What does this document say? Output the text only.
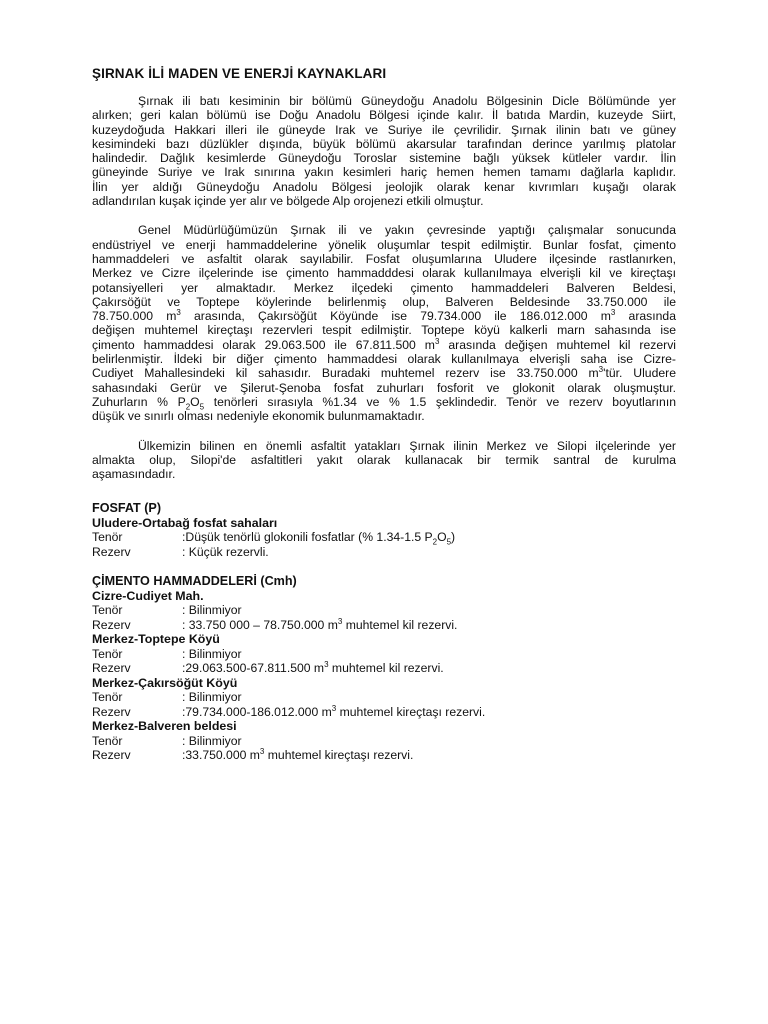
ŞIRNAK İLİ MADEN VE ENERJİ KAYNAKLARI
Şırnak ili batı kesiminin bir bölümü Güneydoğu Anadolu Bölgesinin Dicle Bölümünde yer
alırken; geri kalan bölümü ise Doğu Anadolu Bölgesi içinde kalır. İl batıda Mardin, kuzeyde Siirt,
kuzeydoğuda Hakkari illeri ile güneyde Irak ve Suriye ile çevrilidir. Şırnak ilinin batı ve güney
kesimindeki bazı düzlükler dışında, büyük bölümü akarsular tarafından derince yarılmış platolar
halindedir. Dağlık kesimlerde Güneydoğu Toroslar sistemine bağlı yüksek kütleler vardır. İlin
güneyinde Suriye ve Irak sınırına yakın kesimleri hariç hemen hemen tamamı dağlarla kaplıdır.
İlin yer aldığı Güneydoğu Anadolu Bölgesi jeolojik olarak kenar kıvrımları kuşağı olarak
adlandırılan kuşak içinde yer alır ve bölgede Alp orojenezi etkili olmuştur.
Genel Müdürlüğümüzün Şırnak ili ve yakın çevresinde yaptığı çalışmalar sonucunda
endüstriyel ve enerji hammaddelerine yönelik oluşumlar tespit edilmiştir. Bunlar fosfat, çimento
hammaddeleri ve asfaltit olarak sayılabilir. Fosfat oluşumlarına Uludere ilçesinde rastlanırken,
Merkez ve Cizre ilçelerinde ise çimento hammadddesi olarak kullanılmaya elverişli kil ve kireçtaşı
potansiyelleri yer almaktadır. Merkez ilçedeki çimento hammaddeleri Balveren Beldesi,
Çakırsöğüt ve Toptepe köylerinde belirlenmiş olup, Balveren Beldesinde 33.750.000 ile
78.750.000 $m^3$ arasında, Çakırsöğüt Köyünde ise 79.734.000 ile 186.012.000 $m^3$ arasında
değişen muhtemel kireçtaşı rezervleri tespit edilmiştir. Toptepe köyü kalkerli marn sahasında ise
çimento hammaddesi olarak 29.063.500 ile 67.811.500 $m^3$ arasında değişen muhtemel kil rezervi
belirlenmiştir. İldeki bir diğer çimento hammaddesi olarak kullanılmaya elverişli saha ise Cizre-
Cudiyet Mahallesindeki kil sahasıdır. Buradaki muhtemel rezerv ise 33.750.000 $m^3'tür$. Uludere
sahasındaki Gerür ve Şilerut-Şenoba fosfat zuhurları fosforit ve glokonit olarak oluşmuştur.
Zuhurların % $P_2O_5$ tenörleri sırasıyla %1.34 ve % 1.5 şeklindedir. Tenör ve rezerv boyutlarının
düşük ve sınırlı olması nedeniyle ekonomik bulunmamaktadır.
Ülkemizin bilinen en önemli asfaltit yatakları Şırnak ilinin Merkez ve Silopi ilçelerinde yer
almakta olup, Silopi'de asfaltitleri yakıt olarak kullanacak bir termik santral de kurulma
aşamasındadır.
FOSFAT (P)
Uludere-Ortabağ fosfat sahaları
Tenör	:Düşük tenörlü glokonili fosfatlar (% 1.34-1.5 $P_2O_5$)
Rezerv	: Küçük rezervli.
ÇİMENTO HAMMADDELERİ (Cmh)
Cizre-Cudiyet Mah.
Tenör	: Bilinmiyor
Rezerv	: 33.750 000 – 78.750.000 $m^3$ muhtemel kil rezervi.
Merkez-Toptepe Köyü
Tenör	: Bilinmiyor
Rezerv	:29.063.500-67.811.500 $m^3$ muhtemel kil rezervi.
Merkez-Çakırsöğüt Köyü
Tenör	: Bilinmiyor
Rezerv	:79.734.000-186.012.000 $m^3$ muhtemel kireçtaşı rezervi.
Merkez-Balveren beldesi
Tenör	: Bilinmiyor
Rezerv	:33.750.000 $m^3$ muhtemel kireçtaşı rezervi.
